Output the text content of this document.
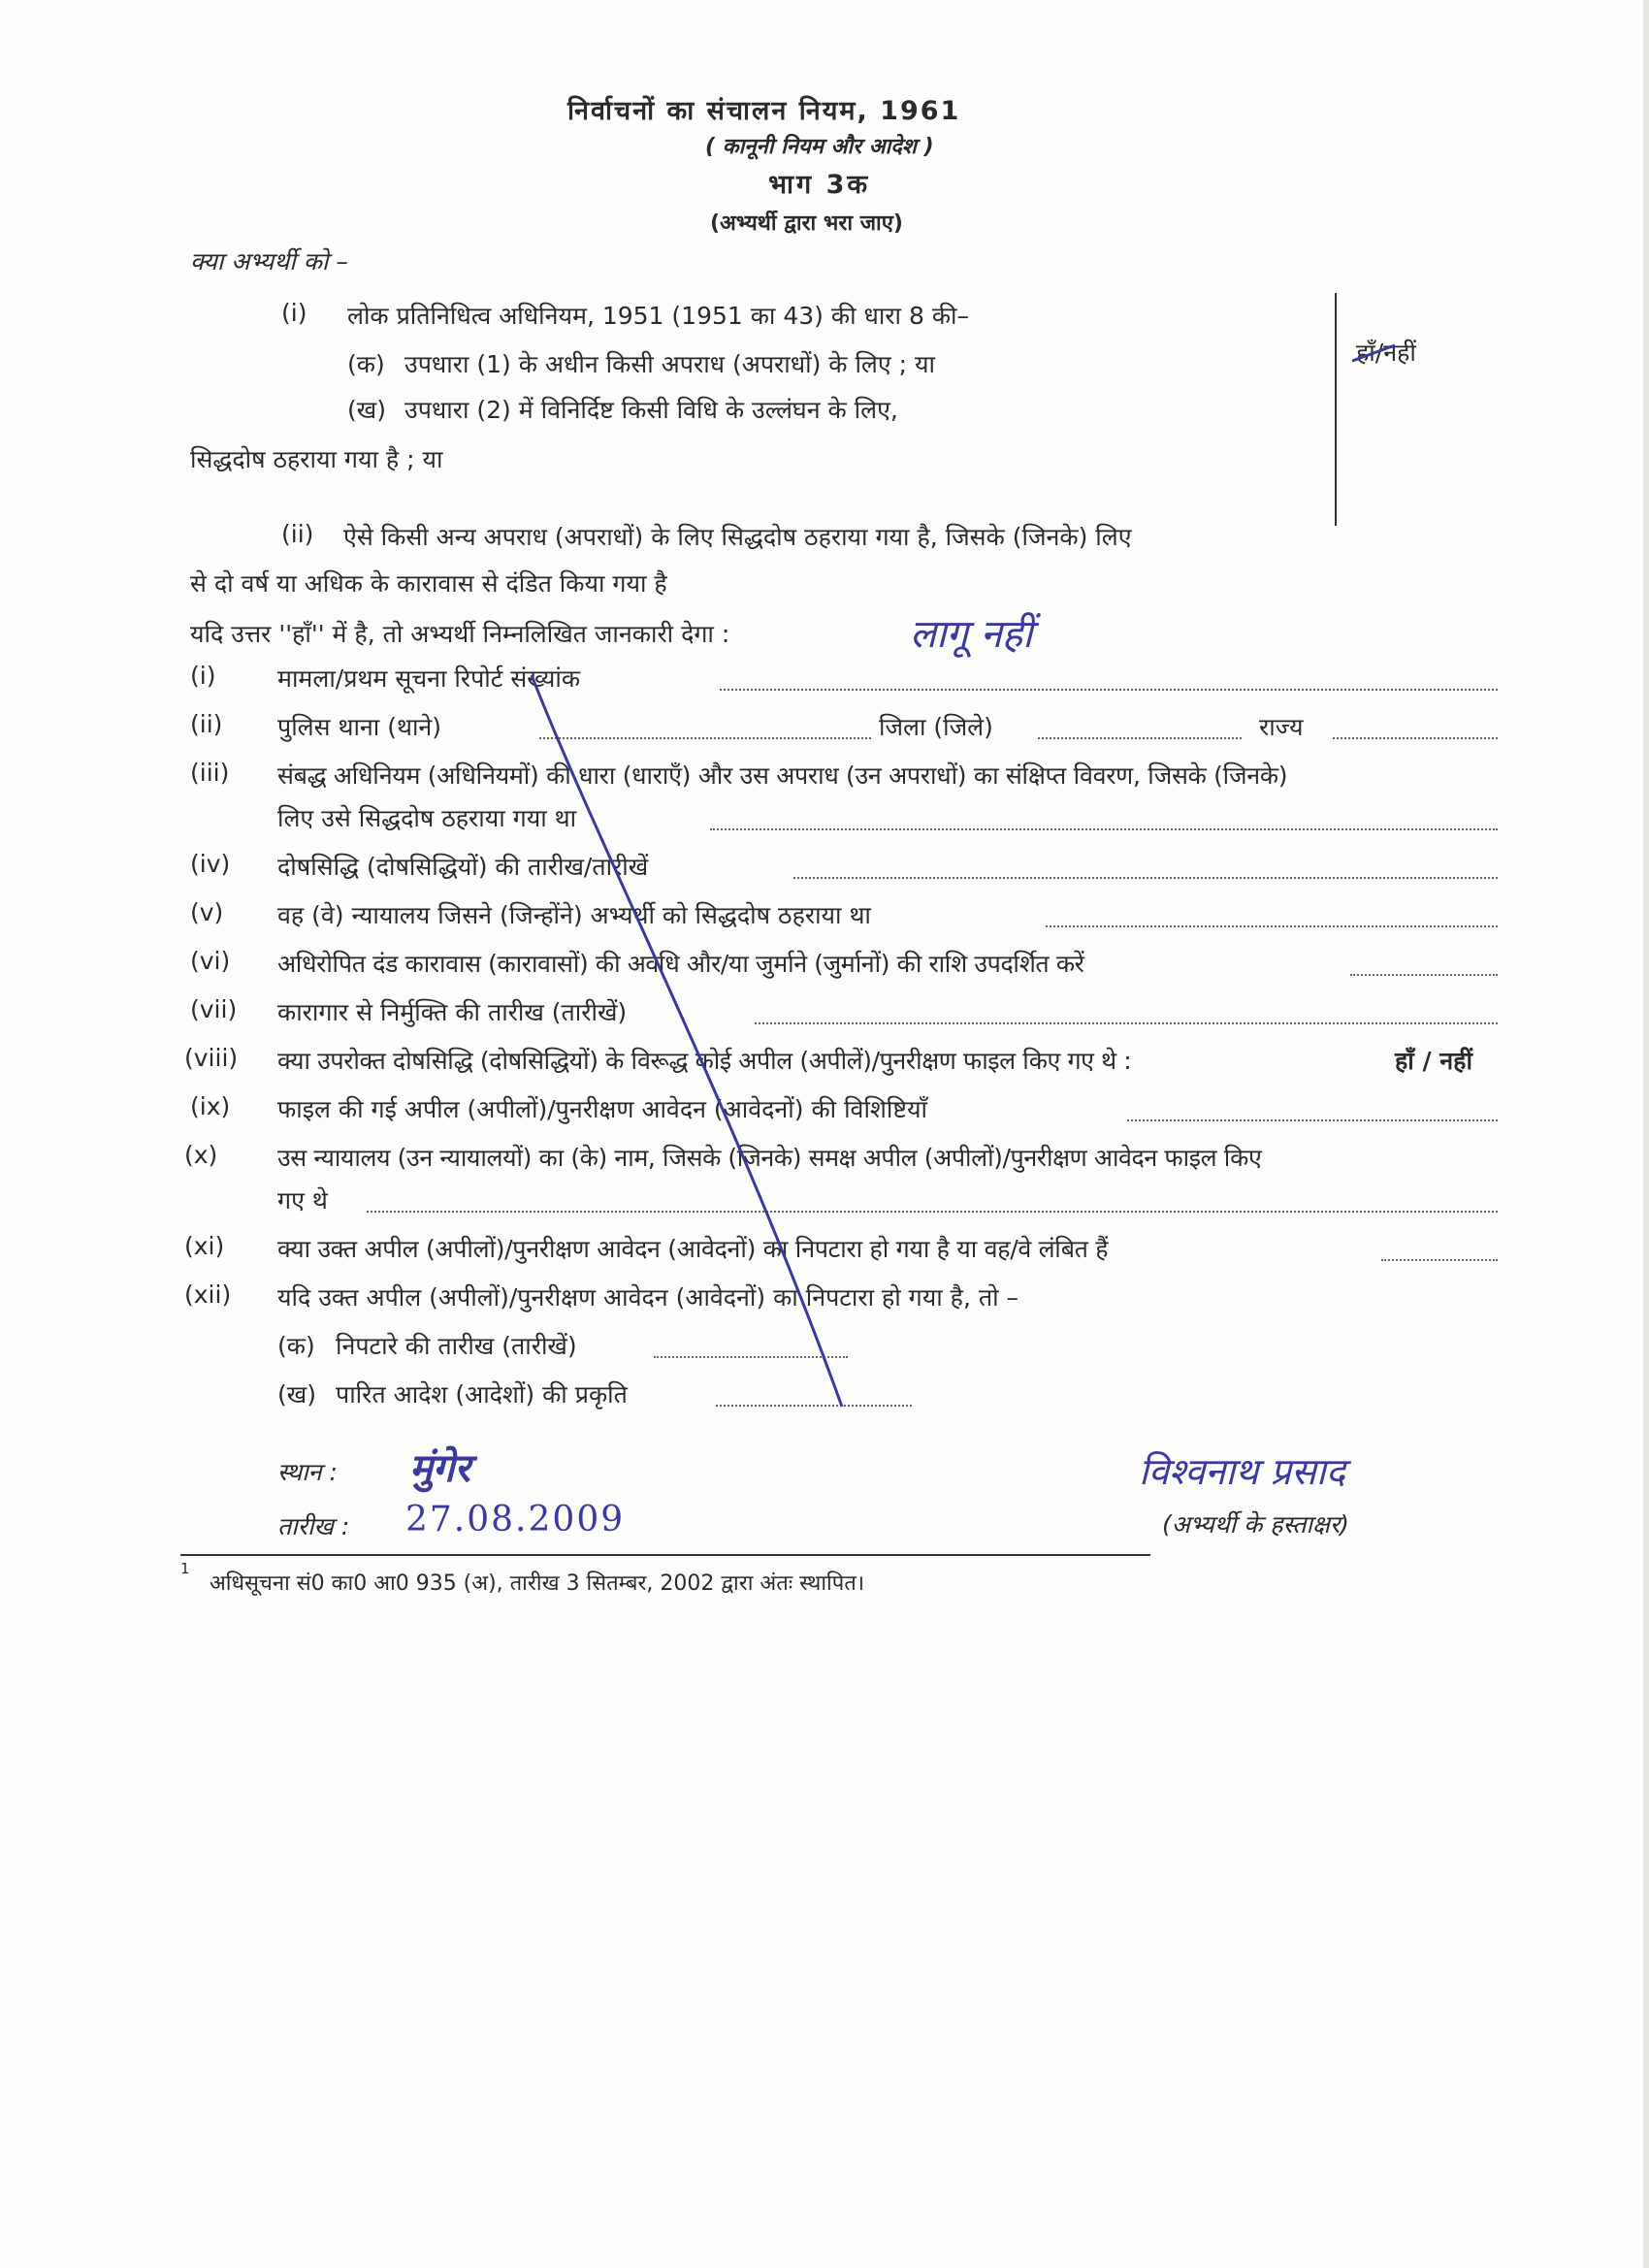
निर्वाचनों का संचालन नियम, 1961
( कानूनी नियम और आदेश )
भाग 3क
(अभ्यर्थी द्वारा भरा जाए)
क्या अभ्यर्थी को –
(i) लोक प्रतिनिधित्व अधिनियम, 1951 (1951 का 43) की धारा 8 की–
(क) उपधारा (1) के अधीन किसी अपराध (अपराधों) के लिए ; या
(ख) उपधारा (2) में विनिर्दिष्ट किसी विधि के उल्लंघन के लिए,
सिद्धदोष ठहराया गया है ; या
हाँ/नहीं
(ii) ऐसे किसी अन्य अपराध (अपराधों) के लिए सिद्धदोष ठहराया गया है, जिसके (जिनके) लिए
से दो वर्ष या अधिक के कारावास से दंडित किया गया है
यदि उत्तर ''हाँ'' में है, तो अभ्यर्थी निम्नलिखित जानकारी देगा :	लागू नहीं
(i)	मामला/प्रथम सूचना रिपोर्ट संख्यांक
(ii) पुलिस थाना (थाने)	जिला (जिले)	राज्य
(iii) संबद्ध अधिनियम (अधिनियमों) की धारा (धाराएँ) और उस अपराध (उन अपराधों) का संक्षिप्त विवरण, जिसके (जिनके)
लिए उसे सिद्धदोष ठहराया गया था
(iv) दोषसिद्धि (दोषसिद्धियों) की तारीख/तारीखें
(v) वह (वे) न्यायालय जिसने (जिन्होंने) अभ्यर्थी को सिद्धदोष ठहराया था
(vi) अधिरोपित दंड कारावास (कारावासों) की अवधि और/या जुर्माने (जुर्मानों) की राशि उपदर्शित करें
(vii) कारागार से निर्मुक्ति की तारीख (तारीखें)
(viii) क्या उपरोक्त दोषसिद्धि (दोषसिद्धियों) के विरूद्ध कोई अपील (अपीलें)/पुनरीक्षण फाइल किए गए थे :	हाँ / नहीं
(ix) फाइल की गई अपील (अपीलों)/पुनरीक्षण आवेदन (आवेदनों) की विशिष्टियाँ
(x) उस न्यायालय (उन न्यायालयों) का (के) नाम, जिसके (जिनके) समक्ष अपील (अपीलों)/पुनरीक्षण आवेदन फाइल किए
गए थे
(xi) क्या उक्त अपील (अपीलों)/पुनरीक्षण आवेदन (आवेदनों) का निपटारा हो गया है या वह/वे लंबित हैं
(xii) यदि उक्त अपील (अपीलों)/पुनरीक्षण आवेदन (आवेदनों) का निपटारा हो गया है, तो –
(क) निपटारे की तारीख (तारीखें)
(ख) पारित आदेश (आदेशों) की प्रकृति
स्थान : मुंगेर
तारीख : 27.08.2009
विश्वनाथ प्रसाद
(अभ्यर्थी के हस्ताक्षर)
1
अधिसूचना सं0 का0 आ0 935 (अ), तारीख 3 सितम्बर, 2002 द्वारा अंतः स्थापित।
